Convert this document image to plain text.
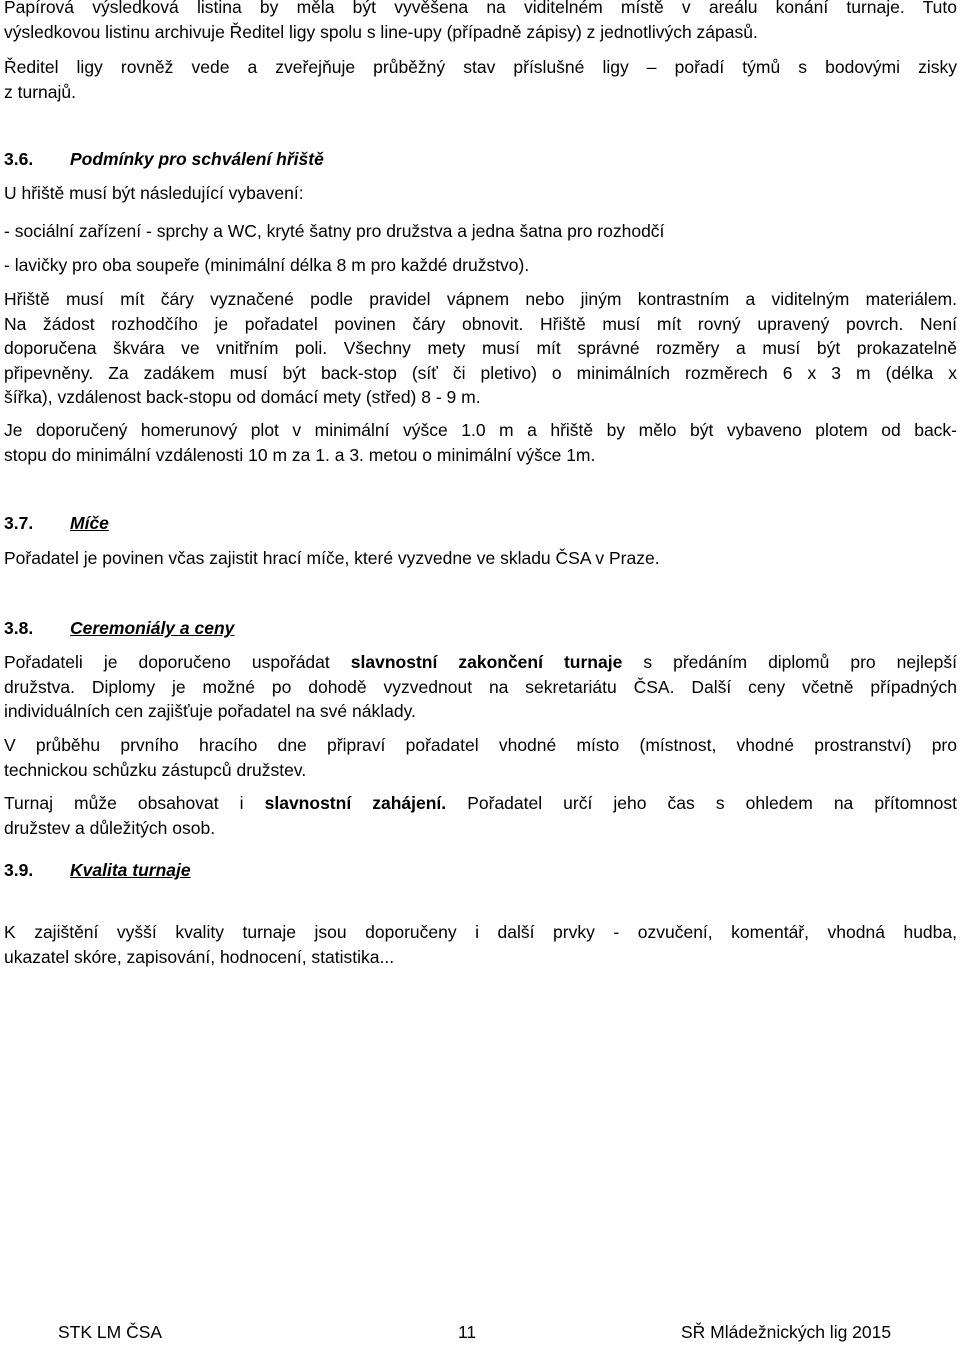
Papírová výsledková listina by měla být vyvěšena na viditelném místě v areálu konání turnaje. Tuto
výsledkovou listinu archivuje Ředitel ligy spolu s line-upy (případně zápisy) z jednotlivých zápasů.
Ředitel ligy rovněž vede a zveřejňuje průběžný stav příslušné ligy – pořadí týmů s bodovými zisky
z turnajů.
3.6. Podmínky pro schválení hřiště
U hřiště musí být následující vybavení:
- sociální zařízení - sprchy a WC, kryté šatny pro družstva a jedna šatna pro rozhodčí
- lavičky pro oba soupeře (minimální délka 8 m pro každé družstvo).
Hřiště musí mít čáry vyznačené podle pravidel vápnem nebo jiným kontrastním a viditelným materiálem.
Na žádost rozhodčího je pořadatel povinen čáry obnovit. Hřiště musí mít rovný upravený povrch. Není
doporučena škvára ve vnitřním poli. Všechny mety musí mít správné rozměry a musí být prokazatelně
připevněny. Za zadákem musí být back-stop (síť či pletivo) o minimálních rozměrech 6 x 3 m (délka x
šířka), vzdálenost back-stopu od domácí mety (střed) 8 - 9 m.
Je doporučený homerunový plot v minimální výšce 1.0 m a hřiště by mělo být vybaveno plotem od back-
stopu do minimální vzdálenosti 10 m za 1. a 3. metou o minimální výšce 1m.
3.7. Míče
Pořadatel je povinen včas zajistit hrací míče, které vyzvedne ve skladu ČSA v Praze.
3.8. Ceremoniály a ceny
Pořadateli je doporučeno uspořádat slavnostní zakončení turnaje s předáním diplomů pro nejlepší
družstva. Diplomy je možné po dohodě vyzvednout na sekretariátu ČSA. Další ceny včetně případných
individuálních cen zajišťuje pořadatel na své náklady.
V průběhu prvního hracího dne připraví pořadatel vhodné místo (místnost, vhodné prostranství) pro
technickou schůzku zástupců družstev.
Turnaj může obsahovat i slavnostní zahájení. Pořadatel určí jeho čas s ohledem na přítomnost
družstev a důležitých osob.
3.9. Kvalita turnaje
K zajištění vyšší kvality turnaje jsou doporučeny i další prvky - ozvučení, komentář, vhodná hudba,
ukazatel skóre, zapisování, hodnocení, statistika...
STK LM ČSA	11	SŘ Mládežnických lig 2015
